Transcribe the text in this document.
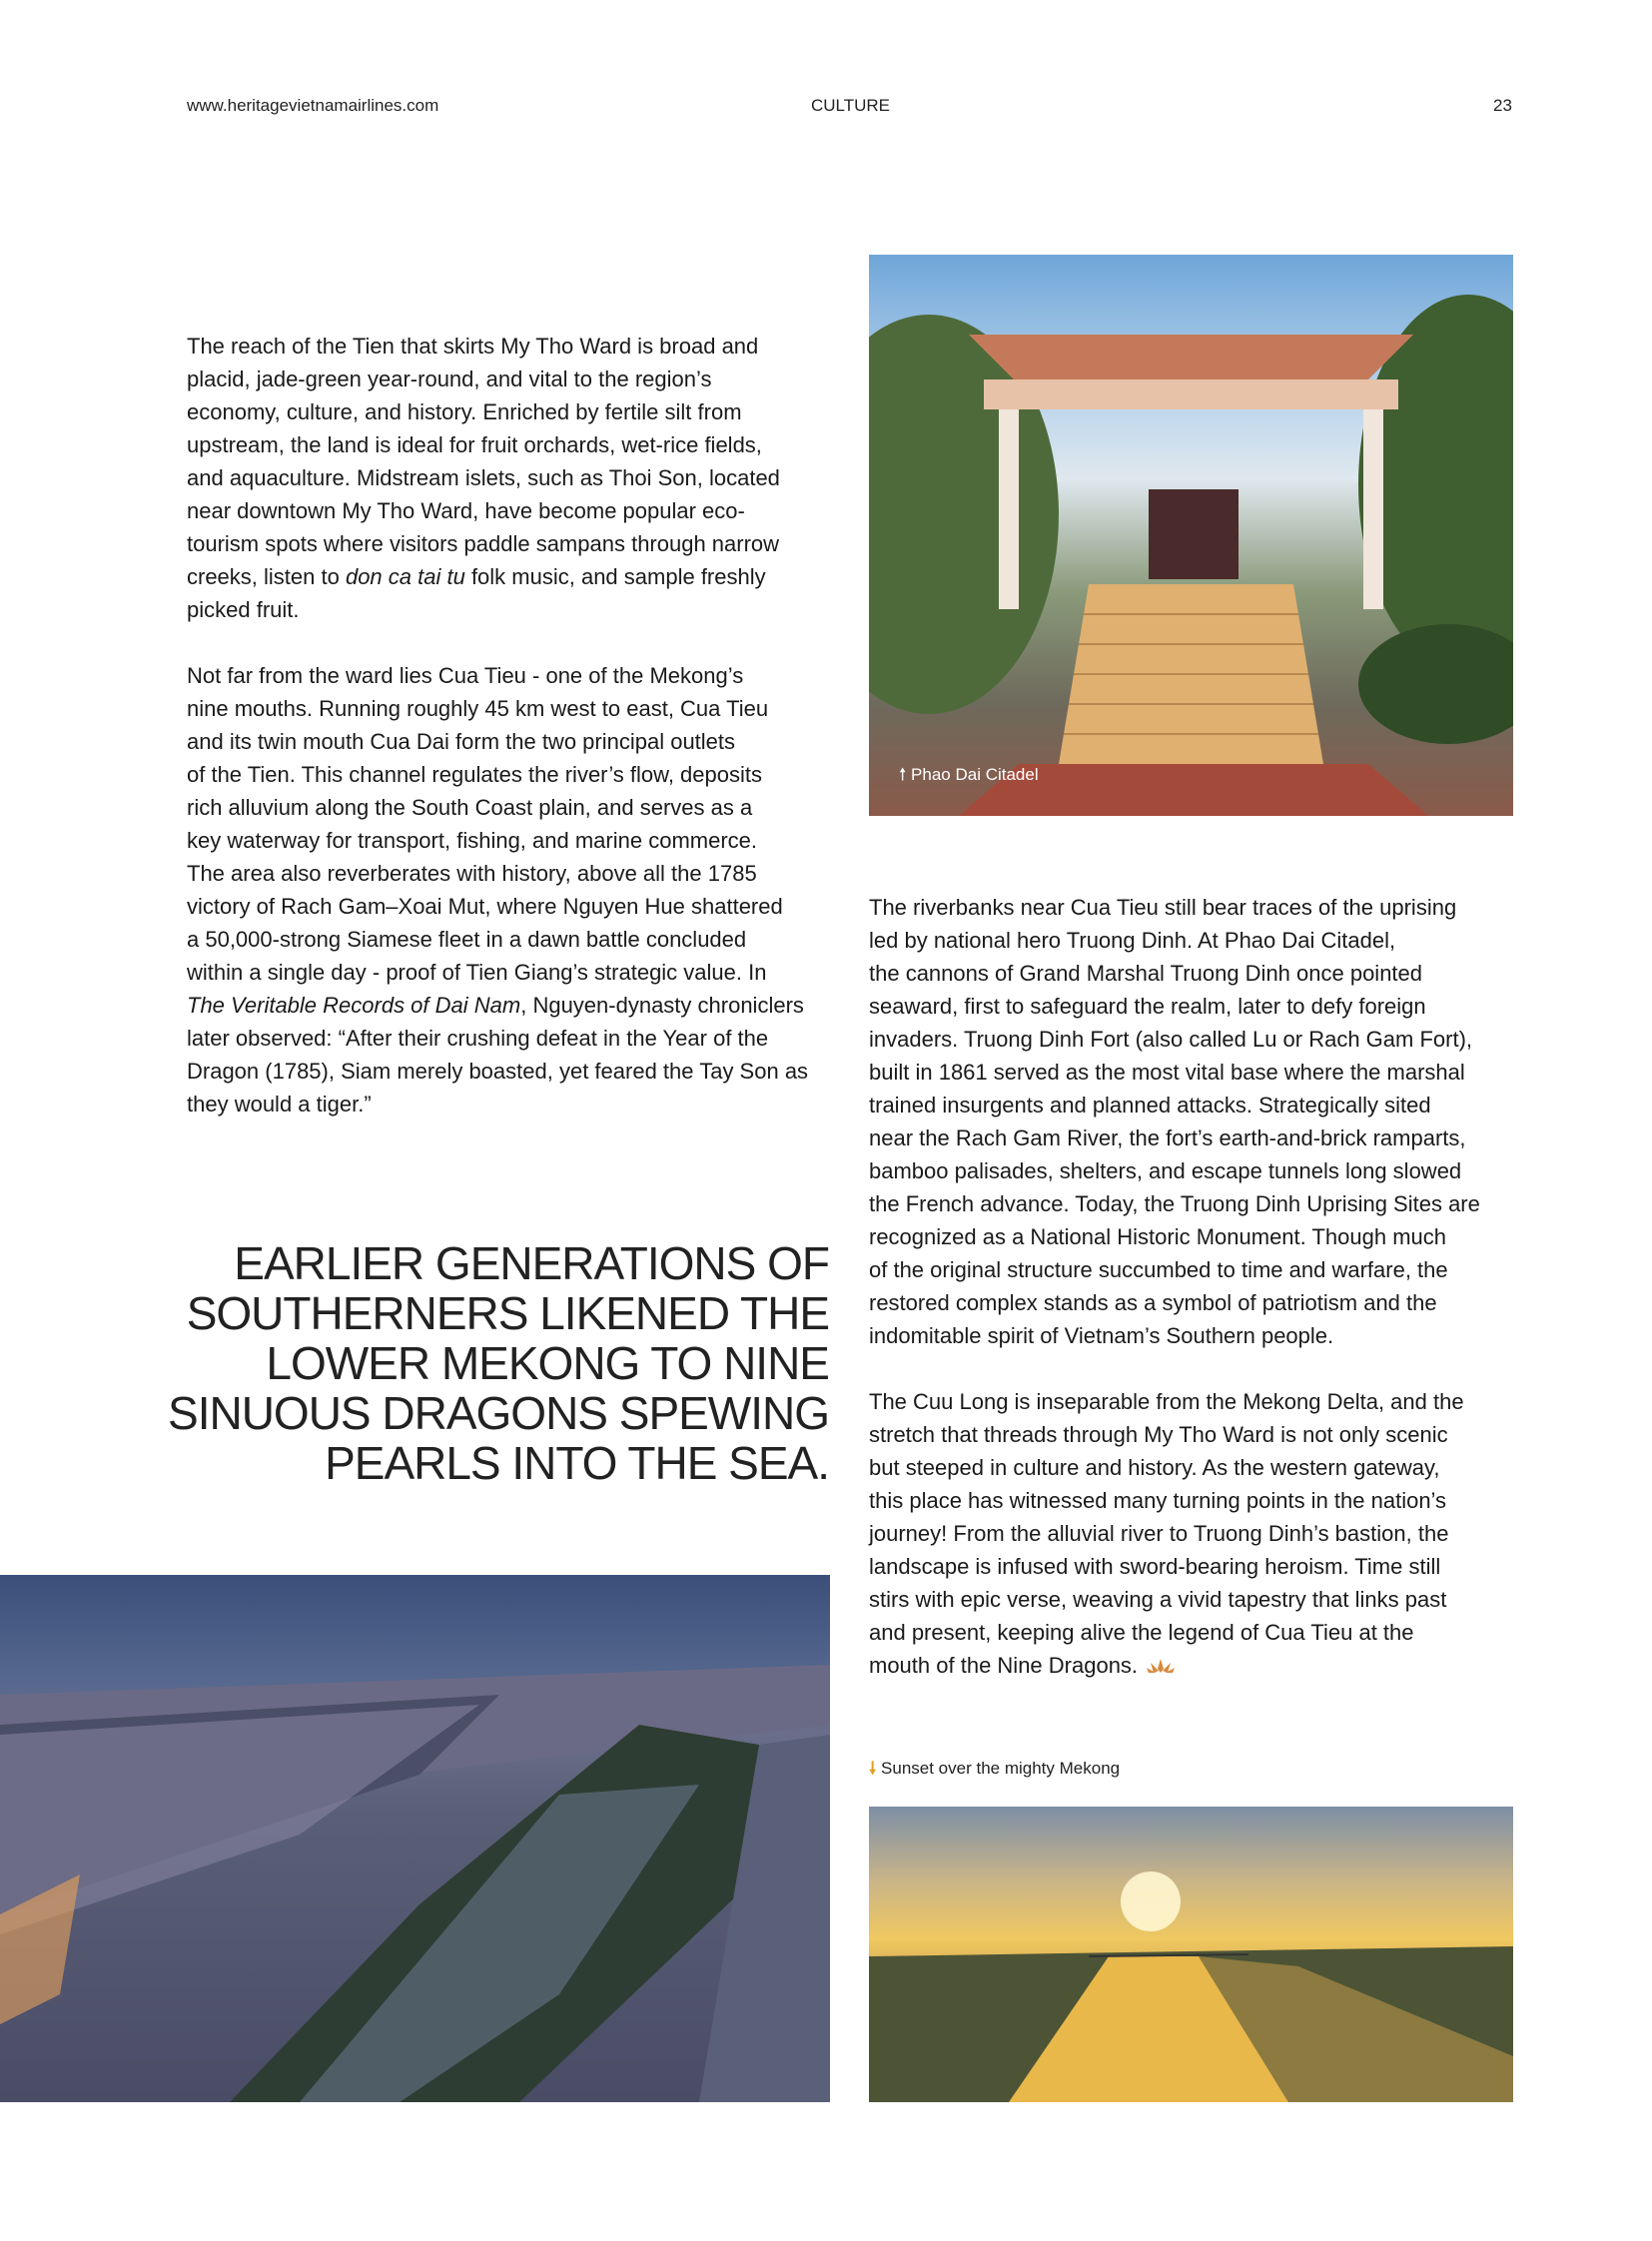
www.heritagevietnamairlines.com	CULTURE	23
The reach of the Tien that skirts My Tho Ward is broad and
placid, jade-green year-round, and vital to the region’s
economy, culture, and history. Enriched by fertile silt from
upstream, the land is ideal for fruit orchards, wet-rice fields,
and aquaculture. Midstream islets, such as Thoi Son, located
near downtown My Tho Ward, have become popular eco-
tourism spots where visitors paddle sampans through narrow
creeks, listen to don ca tai tu folk music, and sample freshly
picked fruit.
Not far from the ward lies Cua Tieu - one of the Mekong’s
nine mouths. Running roughly 45 km west to east, Cua Tieu
and its twin mouth Cua Dai form the two principal outlets
of the Tien. This channel regulates the river’s flow, deposits
rich alluvium along the South Coast plain, and serves as a
key waterway for transport, fishing, and marine commerce.
The area also reverberates with history, above all the 1785
victory of Rach Gam–Xoai Mut, where Nguyen Hue shattered
a 50,000-strong Siamese fleet in a dawn battle concluded
within a single day - proof of Tien Giang’s strategic value. In
The Veritable Records of Dai Nam, Nguyen-dynasty chroniclers
later observed: “After their crushing defeat in the Year of the
Dragon (1785), Siam merely boasted, yet feared the Tay Son as
they would a tiger.”
The riverbanks near Cua Tieu still bear traces of the uprising
led by national hero Truong Dinh. At Phao Dai Citadel,
the cannons of Grand Marshal Truong Dinh once pointed
seaward, first to safeguard the realm, later to defy foreign
invaders. Truong Dinh Fort (also called Lu or Rach Gam Fort),
built in 1861 served as the most vital base where the marshal
trained insurgents and planned attacks. Strategically sited
near the Rach Gam River, the fort’s earth-and-brick ramparts,
bamboo palisades, shelters, and escape tunnels long slowed
the French advance. Today, the Truong Dinh Uprising Sites are
recognized as a National Historic Monument. Though much
of the original structure succumbed to time and warfare, the
restored complex stands as a symbol of patriotism and the
indomitable spirit of Vietnam’s Southern people.
The Cuu Long is inseparable from the Mekong Delta, and the
stretch that threads through My Tho Ward is not only scenic
but steeped in culture and history. As the western gateway,
this place has witnessed many turning points in the nation’s
journey! From the alluvial river to Truong Dinh’s bastion, the
landscape is infused with sword-bearing heroism. Time still
stirs with epic verse, weaving a vivid tapestry that links past
and present, keeping alive the legend of Cua Tieu at the
mouth of the Nine Dragons.
EARLIER GENERATIONS OF
SOUTHERNERS LIKENED THE
LOWER MEKONG TO NINE
SINUOUS DRAGONS SPEWING
PEARLS INTO THE SEA.
🠕 Phao Dai Citadel
🠗 Sunset over the mighty Mekong
